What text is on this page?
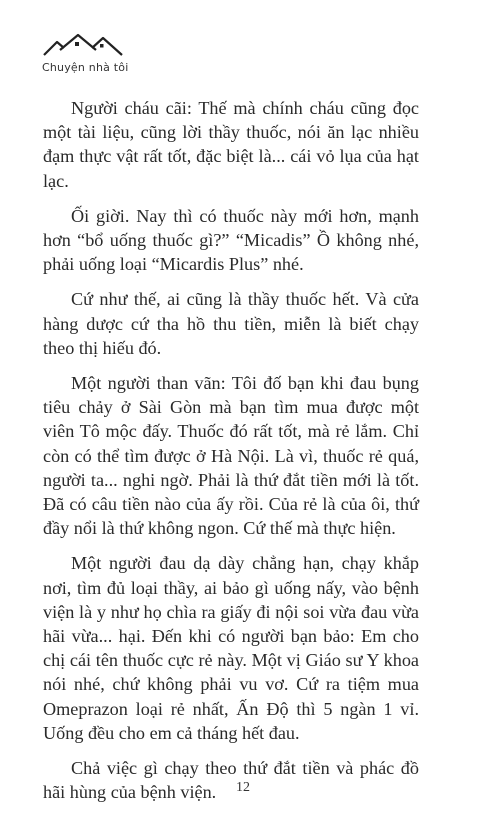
Chuyện nhà tôi

Người cháu cãi: Thế mà chính cháu cũng đọc một tài liệu, cũng lời thầy thuốc, nói ăn lạc nhiều đạm thực vật rất tốt, đặc biệt là... cái vỏ lụa của hạt lạc.

Ối giời. Nay thì có thuốc này mới hơn, mạnh hơn “bổ uống thuốc gì?” “Micadis” Ồ không nhé, phải uống loại “Micardis Plus” nhé.

Cứ như thế, ai cũng là thầy thuốc hết. Và cửa hàng dược cứ tha hồ thu tiền, miễn là biết chạy theo thị hiếu đó.

Một người than vãn: Tôi đố bạn khi đau bụng tiêu chảy ở Sài Gòn mà bạn tìm mua được một viên Tô mộc đấy. Thuốc đó rất tốt, mà rẻ lắm. Chỉ còn có thể tìm được ở Hà Nội. Là vì, thuốc rẻ quá, người ta... nghi ngờ. Phải là thứ đắt tiền mới là tốt. Đã có câu tiền nào của ấy rồi. Của rẻ là của ôi, thứ đầy nổi là thứ không ngon. Cứ thế mà thực hiện.

Một người đau dạ dày chẳng hạn, chạy khắp nơi, tìm đủ loại thầy, ai bảo gì uống nấy, vào bệnh viện là y như họ chìa ra giấy đi nội soi vừa đau vừa hãi vừa... hại. Đến khi có người bạn bảo: Em cho chị cái tên thuốc cực rẻ này. Một vị Giáo sư Y khoa nói nhé, chứ không phải vu vơ. Cứ ra tiệm mua Omeprazon loại rẻ nhất, Ấn Độ thì 5 ngàn 1 vỉ. Uống đều cho em cả tháng hết đau.

Chả việc gì chạy theo thứ đắt tiền và phác đồ hãi hùng của bệnh viện.	12
